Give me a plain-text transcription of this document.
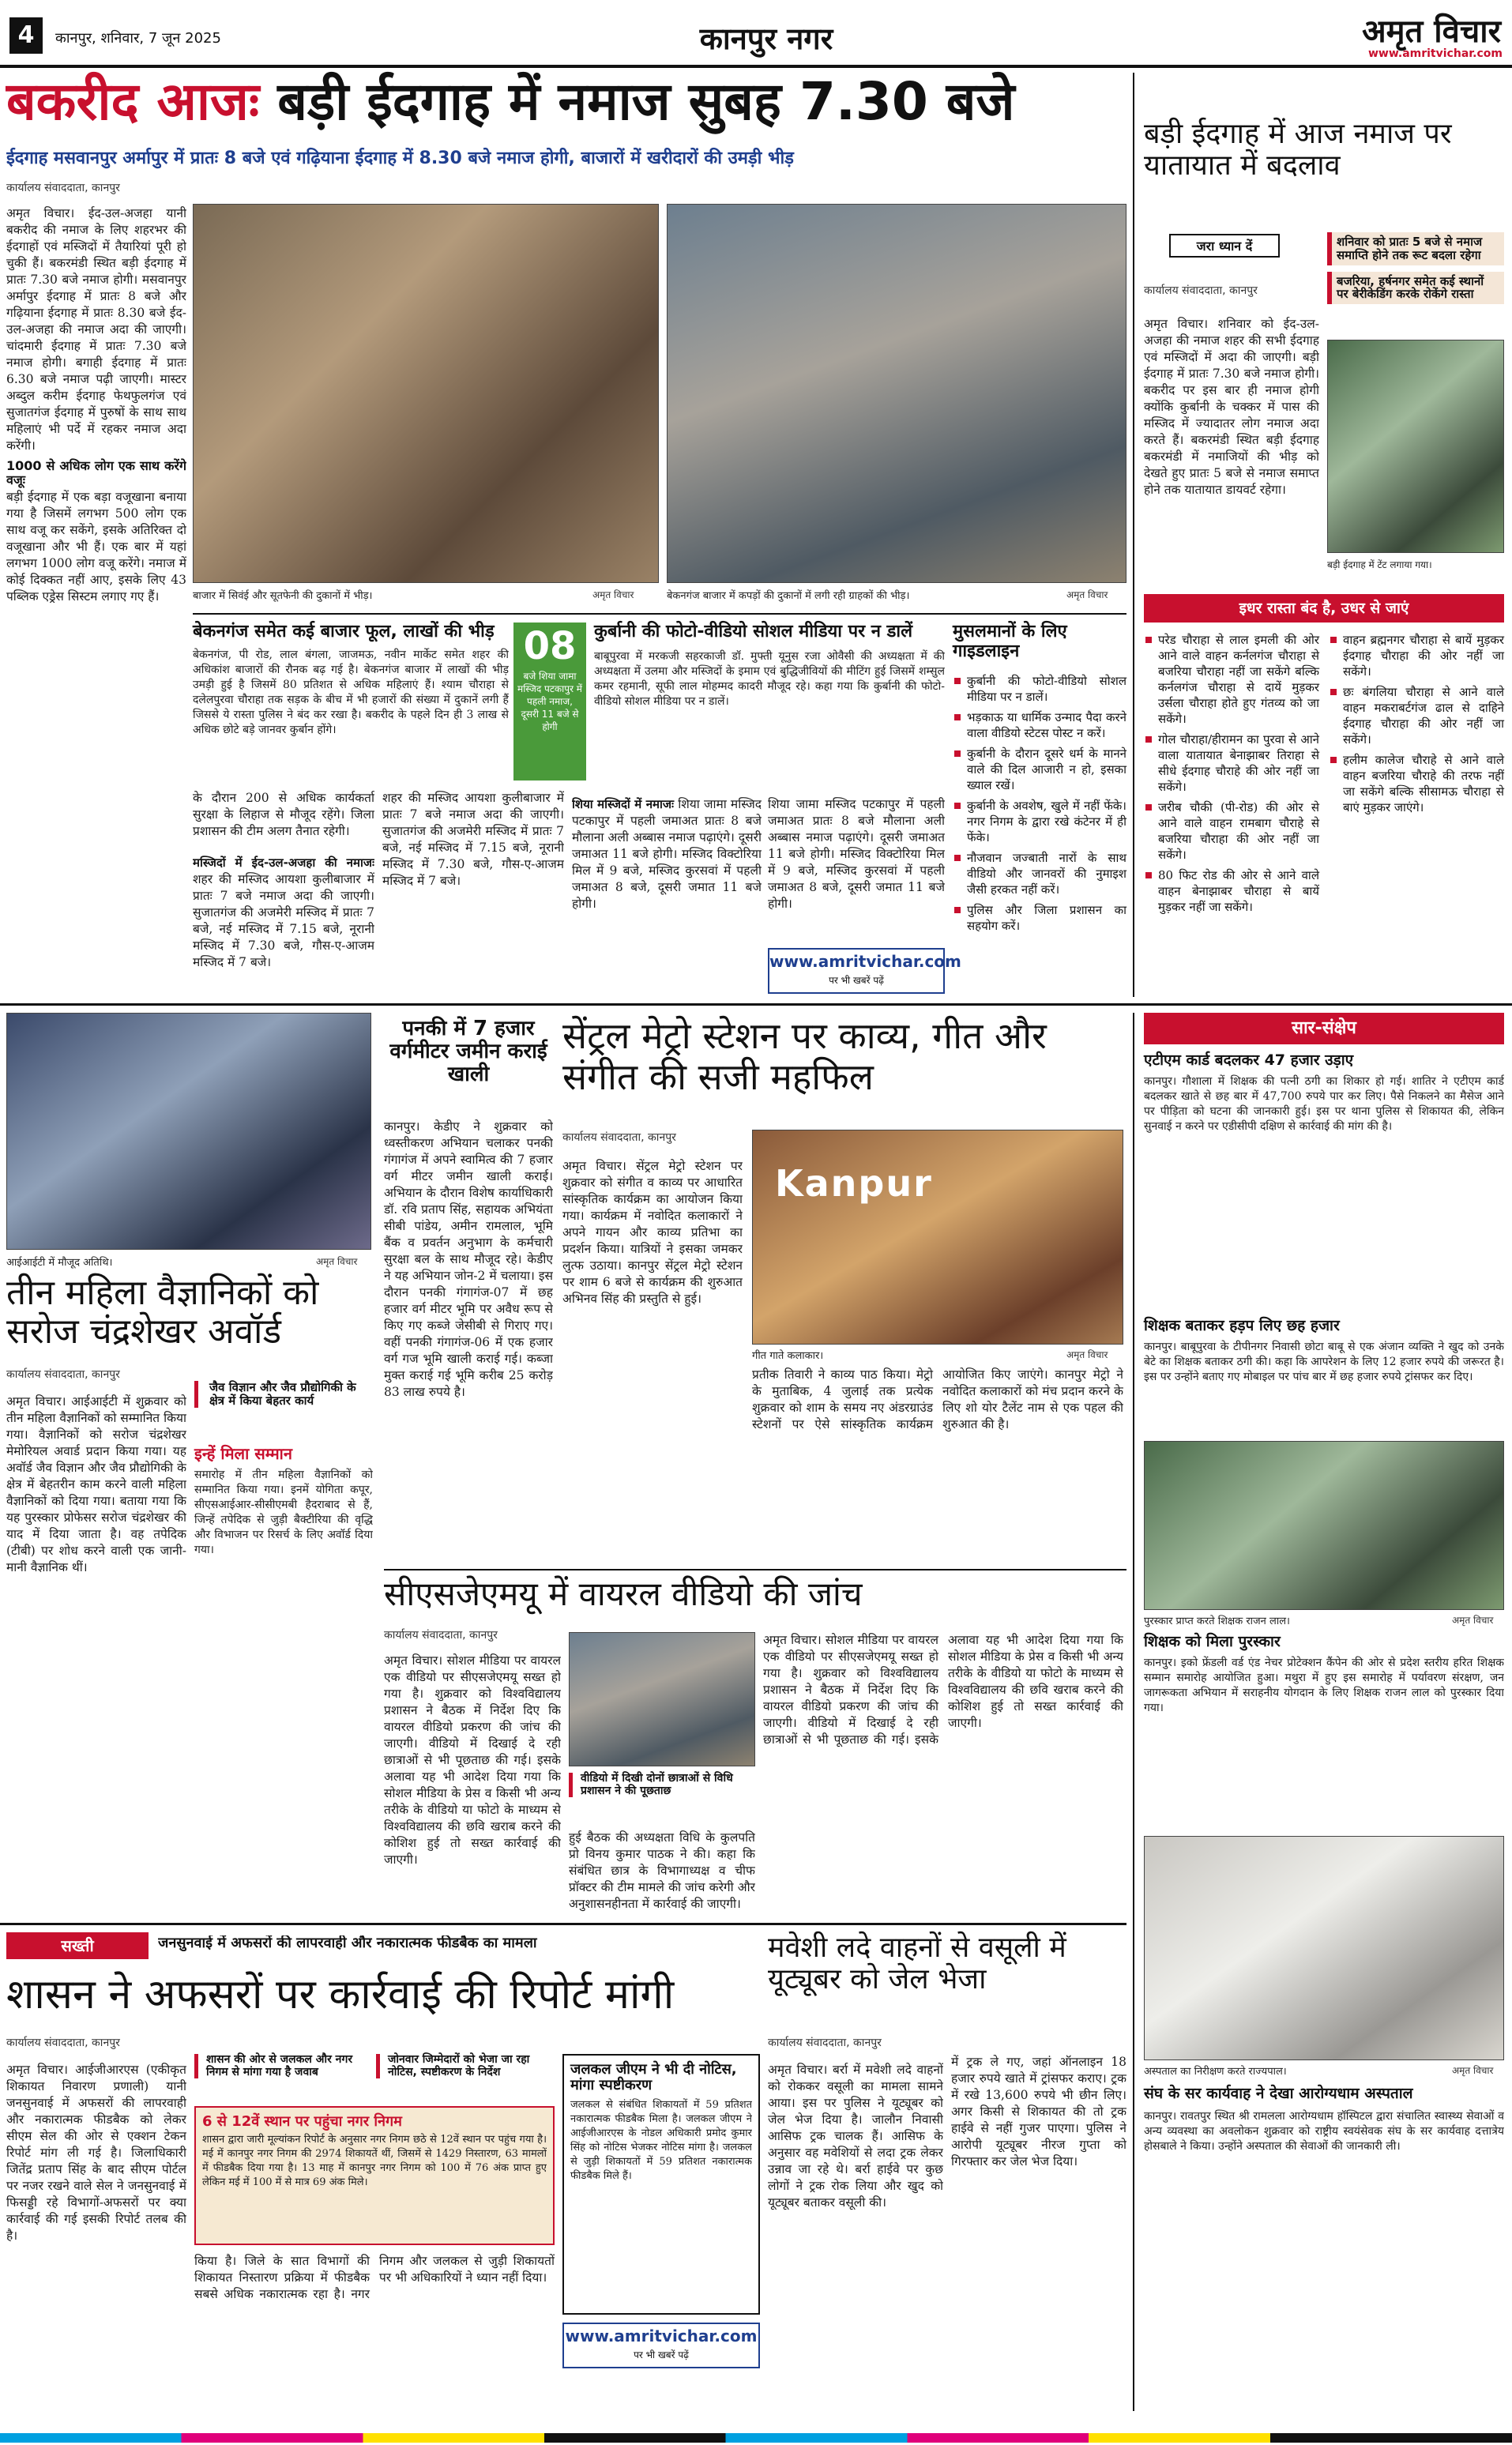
4	कानपुर, शनिवार, 7 जून 2025	कानपुर नगर	अमृत विचार
www.amritvichar.com
बकरीद आजः बड़ी ईदगाह में नमाज सुबह 7.30 बजे
ईदगाह मसवानपुर अर्मापुर में प्रातः 8 बजे एवं गढ़ियाना ईदगाह में 8.30 बजे नमाज होगी, बाजारों में खरीदारों की उमड़ी भीड़
कार्यालय संवाददाता, कानपुर

अमृत विचार। ईद-उल-अजहा यानी बकरीद की नमाज के लिए शहरभर की ईदगाहों एवं मस्जिदों में तैयारियां पूरी हो चुकी हैं। बकरमंडी स्थित बड़ी ईदगाह में प्रातः 7.30 बजे नमाज होगी। मसवानपुर अर्मापुर ईदगाह में प्रातः 8 बजे और गढ़ियाना ईदगाह में प्रातः 8.30 बजे ईद-उल-अजहा की नमाज अदा की जाएगी। चांदमारी ईदगाह में प्रातः 7.30 बजे नमाज होगी। बगाही ईदगाह में प्रातः 6.30 बजे नमाज पढ़ी जाएगी। मास्टर अब्दुल करीम ईदगाह फेथफुलगंज एवं सुजातगंज ईदगाह में पुरुषों के साथ साथ महिलाएं भी पर्दे में रहकर नमाज अदा करेंगी।

1000 से अधिक लोग एक साथ करेंगे वजूः

बड़ी ईदगाह में एक बड़ा वजूखाना बनाया गया है जिसमें लगभग 500 लोग एक साथ वजू कर सकेंगे, इसके अतिरिक्त दो वजूखाना और भी हैं। एक बार में यहां लगभग 1000 लोग वजू करेंगे। नमाज में कोई दिक्कत नहीं आए, इसके लिए 43 पब्लिक एड्रेस सिस्टम लगाए गए हैं।	बाजार में सिवंई और सूतफेनी की दुकानों में भीड़।	अमृत विचार	बेकनगंज बाजार में कपड़ों की दुकानों में लगी रही ग्राहकों की भीड़।	अमृत विचार
बड़ी ईदगाह में आज नमाज पर यातायात में बदलाव
जरा ध्यान दें
कार्यालय संवाददाता, कानपुर
अमृत विचार। शनिवार को ईद-उल-अजहा की नमाज शहर की सभी ईदगाह एवं मस्जिदों में अदा की जाएगी। बड़ी ईदगाह में प्रातः 7.30 बजे नमाज होगी। बकरीद पर इस बार ही नमाज होगी क्योंकि कुर्बानी के चक्कर में पास की मस्जिद में ज्यादातर लोग नमाज अदा करते हैं। बकरमंडी स्थित बड़ी ईदगाह बकरमंडी में नमाजियों की भीड़ को देखते हुए प्रातः 5 बजे से नमाज समाप्त होने तक यातायात डायवर्ट रहेगा।
शनिवार को प्रातः 5 बजे से नमाज समाप्ति होने तक रूट बदला रहेगा
बजरिया, हर्षनगर समेत कई स्थानों पर बेरीकेडिंग करके रोकेंगे रास्ता
बड़ी ईदगाह में टेंट लगाया गया।
इधर रास्ता बंद है, उधर से जाएं
परेड चौराहा से लाल इमली की ओर आने वाले वाहन कर्नलगंज चौराहा से बजरिया चौराहा नहीं जा सकेंगे बल्कि कर्नलगंज चौराहा से दायें मुड़कर उर्सला चौराहा होते हुए गंतव्य को जा सकेंगे।
गोल चौराहा/हीरामन का पुरवा से आने वाला यातायात बेनाझाबर तिराहा से सीधे ईदगाह चौराहे की ओर नहीं जा सकेंगे।
जरीब चौकी (पी-रोड) की ओर से आने वाले वाहन रामबाग चौराहे से बजरिया चौराहा की ओर नहीं जा सकेंगे।
80 फिट रोड की ओर से आने वाले वाहन बेनाझाबर चौराहा से बायें मुड़कर नहीं जा सकेंगे।
वाहन ब्रह्मनगर चौराहा से बायें मुड़कर ईदगाह चौराहा की ओर नहीं जा सकेंगे।
छः बंगलिया चौराहा से आने वाले वाहन मकराबर्टगंज ढाल से दाहिने ईदगाह चौराहा की ओर नहीं जा सकेंगे।
हलीम कालेज चौराहे से आने वाले वाहन बजरिया चौराहे की तरफ नहीं जा सकेंगे बल्कि सीसामऊ चौराहा से बाएं मुड़कर जाएंगे।
बेकनगंज समेत कई बाजार फूल, लाखों की भीड़
बेकनगंज, पी रोड, लाल बंगला, जाजमऊ, नवीन मार्केट समेत शहर की अधिकांश बाजारों की रौनक बढ़ गई है। बेकनगंज बाजार में लाखों की भीड़ उमड़ी हुई है जिसमें 80 प्रतिशत से अधिक महिलाएं हैं। श्याम चौराहा से दलेलपुरवा चौराहा तक सड़क के बीच में भी हजारों की संख्या में दुकानें लगी हैं जिससे ये रास्ता पुलिस ने बंद कर रखा है। बकरीद के पहले दिन ही 3 लाख से अधिक छोटे बड़े जानवर कुर्बान होंगे।
08
बजे शिया जामा मस्जिद पटकापुर में पहली नमाज, दूसरी 11 बजे से होगी
के दौरान 200 से अधिक कार्यकर्ता सुरक्षा के लिहाज से मौजूद रहेंगे। जिला प्रशासन की टीम अलग तैनात रहेगी।
मस्जिदों में ईद-उल-अजहा की नमाजः शहर की मस्जिद आयशा कुलीबाजार में प्रातः 7 बजे नमाज अदा की जाएगी। सुजातगंज की अजमेरी मस्जिद में प्रातः 7 बजे, नई मस्जिद में 7.15 बजे, नूरानी मस्जिद में 7.30 बजे, गौस-ए-आजम मस्जिद में 7 बजे।
शहर की मस्जिद आयशा कुलीबाजार में प्रातः 7 बजे नमाज अदा की जाएगी। सुजातगंज की अजमेरी मस्जिद में प्रातः 7 बजे, नई मस्जिद में 7.15 बजे, नूरानी मस्जिद में 7.30 बजे, गौस-ए-आजम मस्जिद में 7 बजे।
कुर्बानी की फोटो-वीडियो सोशल मीडिया पर न डालें
बाबूपुरवा में मरकजी सहरकाजी डॉ. मुफ्ती यूनुस रजा ओवैसी की अध्यक्षता में की अध्यक्षता में उलमा और मस्जिदों के इमाम एवं बुद्धिजीवियों की मीटिंग हुई जिसमें शम्सुल कमर रहमानी, सूफी लाल मोहम्मद कादरी मौजूद रहे। कहा गया कि कुर्बानी की फोटो-वीडियो सोशल मीडिया पर न डालें।
शिया मस्जिदों में नमाजः शिया जामा मस्जिद पटकापुर में पहली जमाअत प्रातः 8 बजे मौलाना अली अब्बास नमाज पढ़ाएंगे। दूसरी जमाअत 11 बजे होगी। मस्जिद विक्टोरिया मिल में 9 बजे, मस्जिद कुरसवां में पहली जमाअत 8 बजे, दूसरी जमात 11 बजे होगी।
शिया जामा मस्जिद पटकापुर में पहली जमाअत प्रातः 8 बजे मौलाना अली अब्बास नमाज पढ़ाएंगे। दूसरी जमाअत 11 बजे होगी। मस्जिद विक्टोरिया मिल में 9 बजे, मस्जिद कुरसवां में पहली जमाअत 8 बजे, दूसरी जमात 11 बजे होगी।
www.amritvichar.com
पर भी खबरें पढ़ें
मुसलमानों के लिए गाइडलाइन
कुर्बानी की फोटो-वीडियो सोशल मीडिया पर न डालें।
भड़काऊ या धार्मिक उन्माद पैदा करने वाला वीडियो स्टेटस पोस्ट न करें।
कुर्बानी के दौरान दूसरे धर्म के मानने वाले की दिल आजारी न हो, इसका ख्याल रखें।
कुर्बानी के अवशेष, खुले में नहीं फेंके। नगर निगम के द्वारा रखे कंटेनर में ही फेंके।
नौजवान जज्बाती नारों के साथ वीडियो और जानवरों की नुमाइश जैसी हरकत नहीं करें।
पुलिस और जिला प्रशासन का सहयोग करें।
आईआईटी में मौजूद अतिथि।	अमृत विचार
तीन महिला वैज्ञानिकों को सरोज चंद्रशेखर अवॉर्ड
कार्यालय संवाददाता, कानपुर
अमृत विचार। आईआईटी में शुक्रवार को तीन महिला वैज्ञानिकों को सम्मानित किया गया। वैज्ञानिकों को सरोज चंद्रशेखर मेमोरियल अवार्ड प्रदान किया गया। यह अवॉर्ड जैव विज्ञान और जैव प्रौद्योगिकी के क्षेत्र में बेहतरीन काम करने वाली महिला वैज्ञानिकों को दिया गया। बताया गया कि यह पुरस्कार प्रोफेसर सरोज चंद्रशेखर की याद में दिया जाता है। वह तपेदिक (टीबी) पर शोध करने वाली एक जानी-मानी वैज्ञानिक थीं।
जैव विज्ञान और जैव प्रौद्योगिकी के क्षेत्र में किया बेहतर कार्य
इन्हें मिला सम्मान
समारोह में तीन महिला वैज्ञानिकों को सम्मानित किया गया। इनमें योगिता कपूर, सीएसआईआर-सीसीएमबी हैदराबाद से हैं, जिन्हें तपेदिक से जुड़ी बैक्टीरिया की वृद्धि और विभाजन पर रिसर्च के लिए अवॉर्ड दिया गया।
पनकी में 7 हजार वर्गमीटर जमीन कराई खाली
कानपुर। केडीए ने शुक्रवार को ध्वस्तीकरण अभियान चलाकर पनकी गंगागंज में अपने स्वामित्व की 7 हजार वर्ग मीटर जमीन खाली कराई। अभियान के दौरान विशेष कार्याधिकारी डॉ. रवि प्रताप सिंह, सहायक अभियंता सीबी पांडेय, अमीन रामलाल, भूमि बैंक व प्रवर्तन अनुभाग के कर्मचारी सुरक्षा बल के साथ मौजूद रहे। केडीए ने यह अभियान जोन-2 में चलाया। इस दौरान पनकी गंगागंज-07 में छह हजार वर्ग मीटर भूमि पर अवैध रूप से किए गए कब्जे जेसीबी से गिराए गए। वहीं पनकी गंगागंज-06 में एक हजार वर्ग गज भूमि खाली कराई गई। कब्जा मुक्त कराई गई भूमि करीब 25 करोड़ 83 लाख रुपये है।
सेंट्रल मेट्रो स्टेशन पर काव्य, गीत और संगीत की सजी महफिल
कार्यालय संवाददाता, कानपुर
अमृत विचार। सेंट्रल मेट्रो स्टेशन पर शुक्रवार को संगीत व काव्य पर आधारित सांस्कृतिक कार्यक्रम का आयोजन किया गया। कार्यक्रम में नवोदित कलाकारों ने अपने गायन और काव्य प्रतिभा का प्रदर्शन किया। यात्रियों ने इसका जमकर लुत्फ उठाया। कानपुर सेंट्रल मेट्रो स्टेशन पर शाम 6 बजे से कार्यक्रम की शुरुआत अभिनव सिंह की प्रस्तुति से हुई।
Kanpur
गीत गाते कलाकार।	अमृत विचार
प्रतीक तिवारी ने काव्य पाठ किया। मेट्रो के मुताबिक, 4 जुलाई तक प्रत्येक शुक्रवार को शाम के समय नए अंडरग्राउंड स्टेशनों पर ऐसे सांस्कृतिक कार्यक्रम आयोजित किए जाएंगे। कानपुर मेट्रो ने नवोदित कलाकारों को मंच प्रदान करने के लिए शो योर टैलेंट नाम से एक पहल की शुरुआत की है।
सीएसजेएमयू में वायरल वीडियो की जांच
कार्यालय संवाददाता, कानपुर
अमृत विचार। सोशल मीडिया पर वायरल एक वीडियो पर सीएसजेएमयू सख्त हो गया है। शुक्रवार को विश्वविद्यालय प्रशासन ने बैठक में निर्देश दिए कि वायरल वीडियो प्रकरण की जांच की जाएगी। वीडियो में दिखाई दे रही छात्राओं से भी पूछताछ की गई। इसके अलावा यह भी आदेश दिया गया कि सोशल मीडिया के प्रेस व किसी भी अन्य तरीके के वीडियो या फोटो के माध्यम से विश्वविद्यालय की छवि खराब करने की कोशिश हुई तो सख्त कार्रवाई की जाएगी।
वीडियो में दिखी दोनों छात्राओं से विधि प्रशासन ने की पूछताछ
हुई बैठक की अध्यक्षता विधि के कुलपति प्रो विनय कुमार पाठक ने की। कहा कि संबंधित छात्र के विभागाध्यक्ष व चीफ प्रॉक्टर की टीम मामले की जांच करेगी और अनुशासनहीनता में कार्रवाई की जाएगी।
अमृत विचार। सोशल मीडिया पर वायरल एक वीडियो पर सीएसजेएमयू सख्त हो गया है। शुक्रवार को विश्वविद्यालय प्रशासन ने बैठक में निर्देश दिए कि वायरल वीडियो प्रकरण की जांच की जाएगी। वीडियो में दिखाई दे रही छात्राओं से भी पूछताछ की गई। इसके अलावा यह भी आदेश दिया गया कि सोशल मीडिया के प्रेस व किसी भी अन्य तरीके के वीडियो या फोटो के माध्यम से विश्वविद्यालय की छवि खराब करने की कोशिश हुई तो सख्त कार्रवाई की जाएगी।
सार-संक्षेप
एटीएम कार्ड बदलकर 47 हजार उड़ाए
कानपुर। गौशाला में शिक्षक की पत्नी ठगी का शिकार हो गई। शातिर ने एटीएम कार्ड बदलकर खाते से छह बार में 47,700 रुपये पार कर लिए। पैसे निकलने का मैसेज आने पर पीड़िता को घटना की जानकारी हुई। इस पर थाना पुलिस से शिकायत की, लेकिन सुनवाई न करने पर एडीसीपी दक्षिण से कार्रवाई की मांग की है।
शिक्षक बताकर हड़प लिए छह हजार
कानपुर। बाबूपुरवा के टीपीनगर निवासी छोटा बाबू से एक अंजान व्यक्ति ने खुद को उनके बेटे का शिक्षक बताकर ठगी की। कहा कि आपरेशन के लिए 12 हजार रुपये की जरूरत है। इस पर उन्होंने बताए गए मोबाइल पर पांच बार में छह हजार रुपये ट्रांसफर कर दिए।
पुरस्कार प्राप्त करते शिक्षक राजन लाल।	अमृत विचार
शिक्षक को मिला पुरस्कार
कानपुर। इको फ्रेंडली वर्ड एंड नेचर प्रोटेक्शन कैंपेन की ओर से प्रदेश स्तरीय हरित शिक्षक सम्मान समारोह आयोजित हुआ। मथुरा में हुए इस समारोह में पर्यावरण संरक्षण, जन जागरूकता अभियान में सराहनीय योगदान के लिए शिक्षक राजन लाल को पुरस्कार दिया गया।
अस्पताल का निरीक्षण करते राज्यपाल।	अमृत विचार
संघ के सर कार्यवाह ने देखा आरोग्यधाम अस्पताल
कानपुर। रावतपुर स्थित श्री रामलला आरोग्यधाम हॉस्पिटल द्वारा संचालित स्वास्थ्य सेवाओं व अन्य व्यवस्था का अवलोकन शुक्रवार को राष्ट्रीय स्वयंसेवक संघ के सर कार्यवाह दत्तात्रेय होसबाले ने किया। उन्होंने अस्पताल की सेवाओं की जानकारी ली।
सख्ती	जनसुनवाई में अफसरों की लापरवाही और नकारात्मक फीडबैक का मामला
शासन ने अफसरों पर कार्रवाई की रिपोर्ट मांगी
कार्यालय संवाददाता, कानपुर
अमृत विचार। आईजीआरएस (एकीकृत शिकायत निवारण प्रणाली) यानी जनसुनवाई में अफसरों की लापरवाही और नकारात्मक फीडबैक को लेकर सीएम सेल की ओर से एक्शन टेकन रिपोर्ट मांग ली गई है। जिलाधिकारी जितेंद्र प्रताप सिंह के बाद सीएम पोर्टल पर नजर रखने वाले सेल ने जनसुनवाई में फिसड्डी रहे विभागों-अफसरों पर क्या कार्रवाई की गई इसकी रिपोर्ट तलब की है।
शासन की ओर से जलकल और नगर निगम से मांगा गया है जवाब
जोनवार जिम्मेदारों को भेजा जा रहा नोटिस, स्पष्टीकरण के निर्देश
6 से 12वें स्थान पर पहुंचा नगर निगम
शासन द्वारा जारी मूल्यांकन रिपोर्ट के अनुसार नगर निगम छठे से 12वें स्थान पर पहुंच गया है। मई में कानपुर नगर निगम की 2974 शिकायतें थीं, जिसमें से 1429 निस्तारण, 63 मामलों में फीडबैक दिया गया है। 13 माह में कानपुर नगर निगम को 100 में 76 अंक प्राप्त हुए लेकिन मई में 100 में से मात्र 69 अंक मिले।
किया है। जिले के सात विभागों की शिकायत निस्तारण प्रक्रिया में फीडबैक सबसे अधिक नकारात्मक रहा है। नगर निगम और जलकल से जुड़ी शिकायतों पर भी अधिकारियों ने ध्यान नहीं दिया।
जलकल जीएम ने भी दी नोटिस, मांगा स्पष्टीकरण
जलकल से संबंधित शिकायतों में 59 प्रतिशत नकारात्मक फीडबैक मिला है। जलकल जीएम ने आईजीआरएस के नोडल अधिकारी प्रमोद कुमार सिंह को नोटिस भेजकर नोटिस मांगा है। जलकल से जुड़ी शिकायतों में 59 प्रतिशत नकारात्मक फीडबैक मिले हैं।
www.amritvichar.com
पर भी खबरें पढ़ें
मवेशी लदे वाहनों से वसूली में यूट्यूबर को जेल भेजा
कार्यालय संवाददाता, कानपुर
अमृत विचार। बर्रा में मवेशी लदे वाहनों को रोककर वसूली का मामला सामने आया। इस पर पुलिस ने यूट्यूबर को जेल भेज दिया है। जालौन निवासी आसिफ ट्रक चालक हैं। आसिफ के अनुसार वह मवेशियों से लदा ट्रक लेकर उन्नाव जा रहे थे। बर्रा हाईवे पर कुछ लोगों ने ट्रक रोक लिया और खुद को यूट्यूबर बताकर वसूली की।
में ट्रक ले गए, जहां ऑनलाइन 18 हजार रुपये खाते में ट्रांसफर कराए। ट्रक में रखे 13,600 रुपये भी छीन लिए। अगर किसी से शिकायत की तो ट्रक हाईवे से नहीं गुजर पाएगा। पुलिस ने आरोपी यूट्यूबर नीरज गुप्ता को गिरफ्तार कर जेल भेज दिया।
